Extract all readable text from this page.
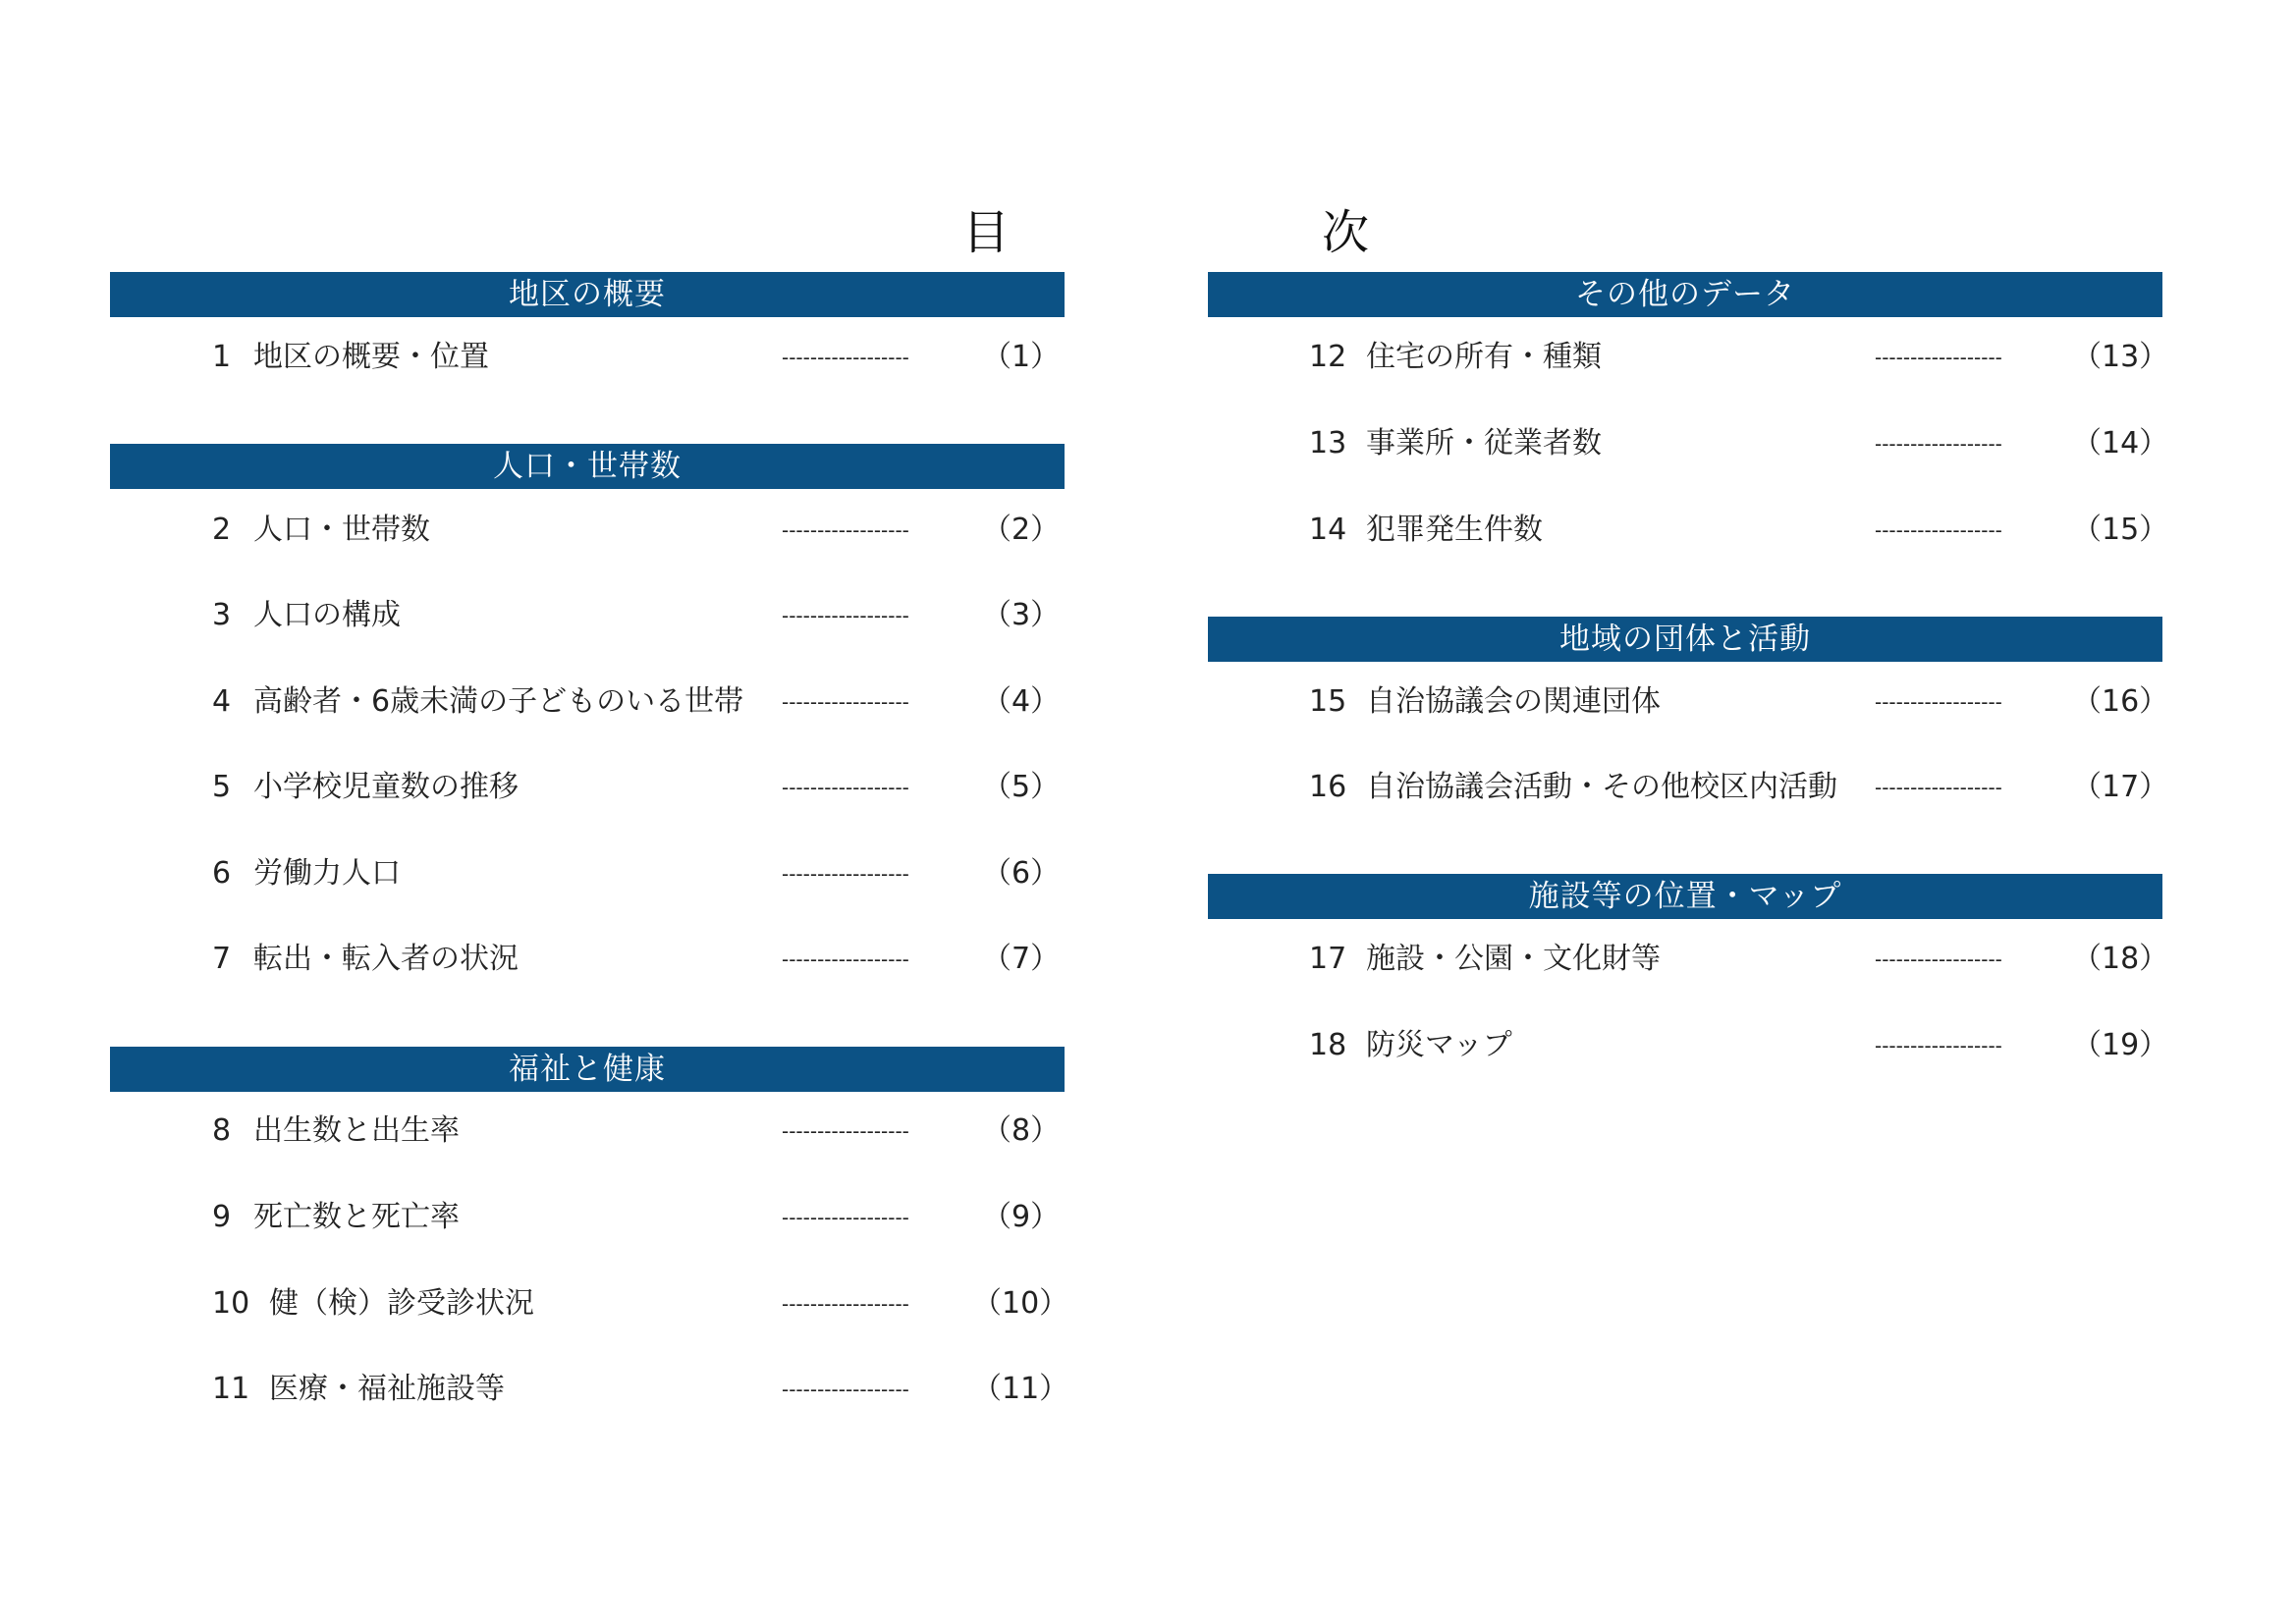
目	次
地区の概要
1 地区の概要・位置	------------------ （1）
人口・世帯数
2 人口・世帯数	------------------ （2）
3 人口の構成	------------------ （3）
4 高齢者・6歳未満の子どものいる世帯 ------------------ （4）
5 小学校児童数の推移	------------------ （5）
6 労働力人口	------------------ （6）
7 転出・転入者の状況	------------------ （7）
福祉と健康
8 出生数と出生率	------------------ （8）
9 死亡数と死亡率	------------------ （9）
10 健（検）診受診状況	------------------ （10）
11 医療・福祉施設等	------------------ （11）
その他のデータ
12 住宅の所有・種類	------------------ （13）
13 事業所・従業者数	------------------ （14）
14 犯罪発生件数	------------------ （15）
地域の団体と活動
15 自治協議会の関連団体	------------------ （16）
16 自治協議会活動・その他校区内活動 ------------------ （17）
施設等の位置・マップ
17 施設・公園・文化財等	------------------ （18）
18 防災マップ	------------------ （19）
